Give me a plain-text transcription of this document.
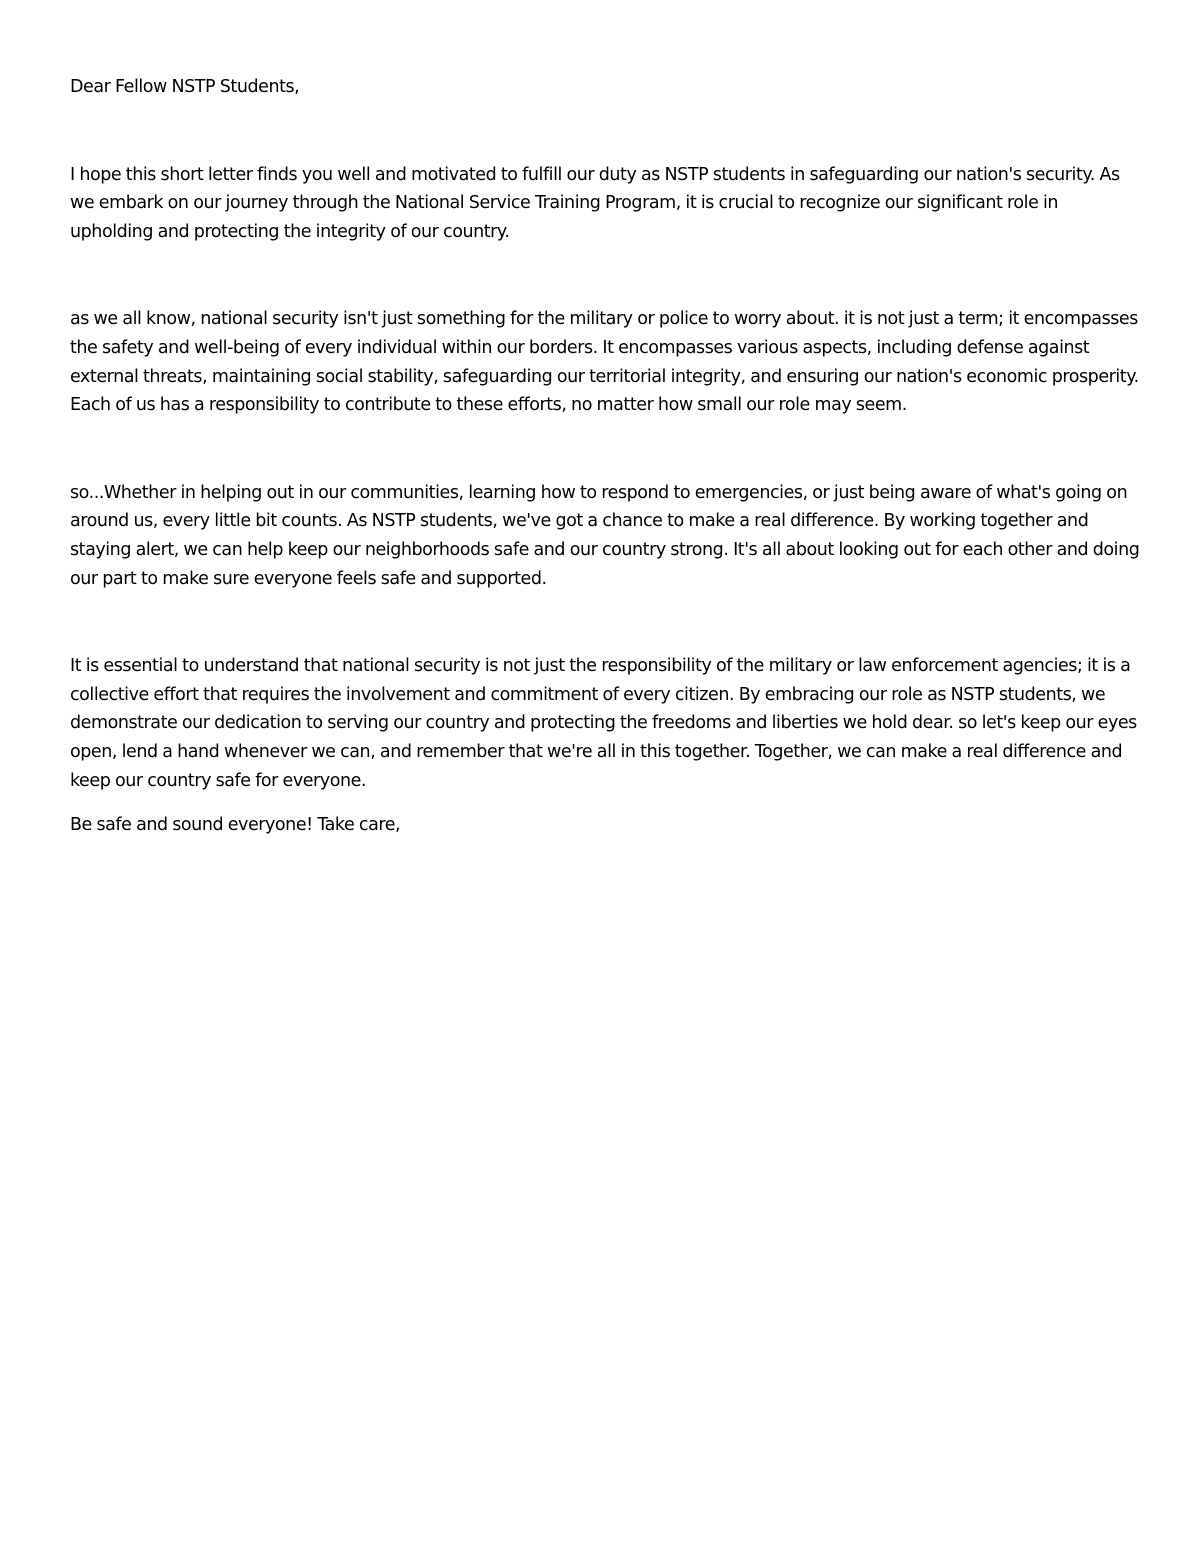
Dear Fellow NSTP Students,

I hope this short letter finds you well and motivated to fulfill our duty as NSTP students in safeguarding our nation's security. As we embark on our journey through the National Service Training Program, it is crucial to recognize our significant role in upholding and protecting the integrity of our country.

as we all know, national security isn't just something for the military or police to worry about. it is not just a term; it encompasses the safety and well-being of every individual within our borders. It encompasses various aspects, including defense against external threats, maintaining social stability, safeguarding our territorial integrity, and ensuring our nation's economic prosperity. Each of us has a responsibility to contribute to these efforts, no matter how small our role may seem.

so...Whether in helping out in our communities, learning how to respond to emergencies, or just being aware of what's going on around us, every little bit counts. As NSTP students, we've got a chance to make a real difference. By working together and staying alert, we can help keep our neighborhoods safe and our country strong. It's all about looking out for each other and doing our part to make sure everyone feels safe and supported.

It is essential to understand that national security is not just the responsibility of the military or law enforcement agencies; it is a collective effort that requires the involvement and commitment of every citizen. By embracing our role as NSTP students, we demonstrate our dedication to serving our country and protecting the freedoms and liberties we hold dear. so let's keep our eyes open, lend a hand whenever we can, and remember that we're all in this together. Together, we can make a real difference and keep our country safe for everyone.

Be safe and sound everyone! Take care,
